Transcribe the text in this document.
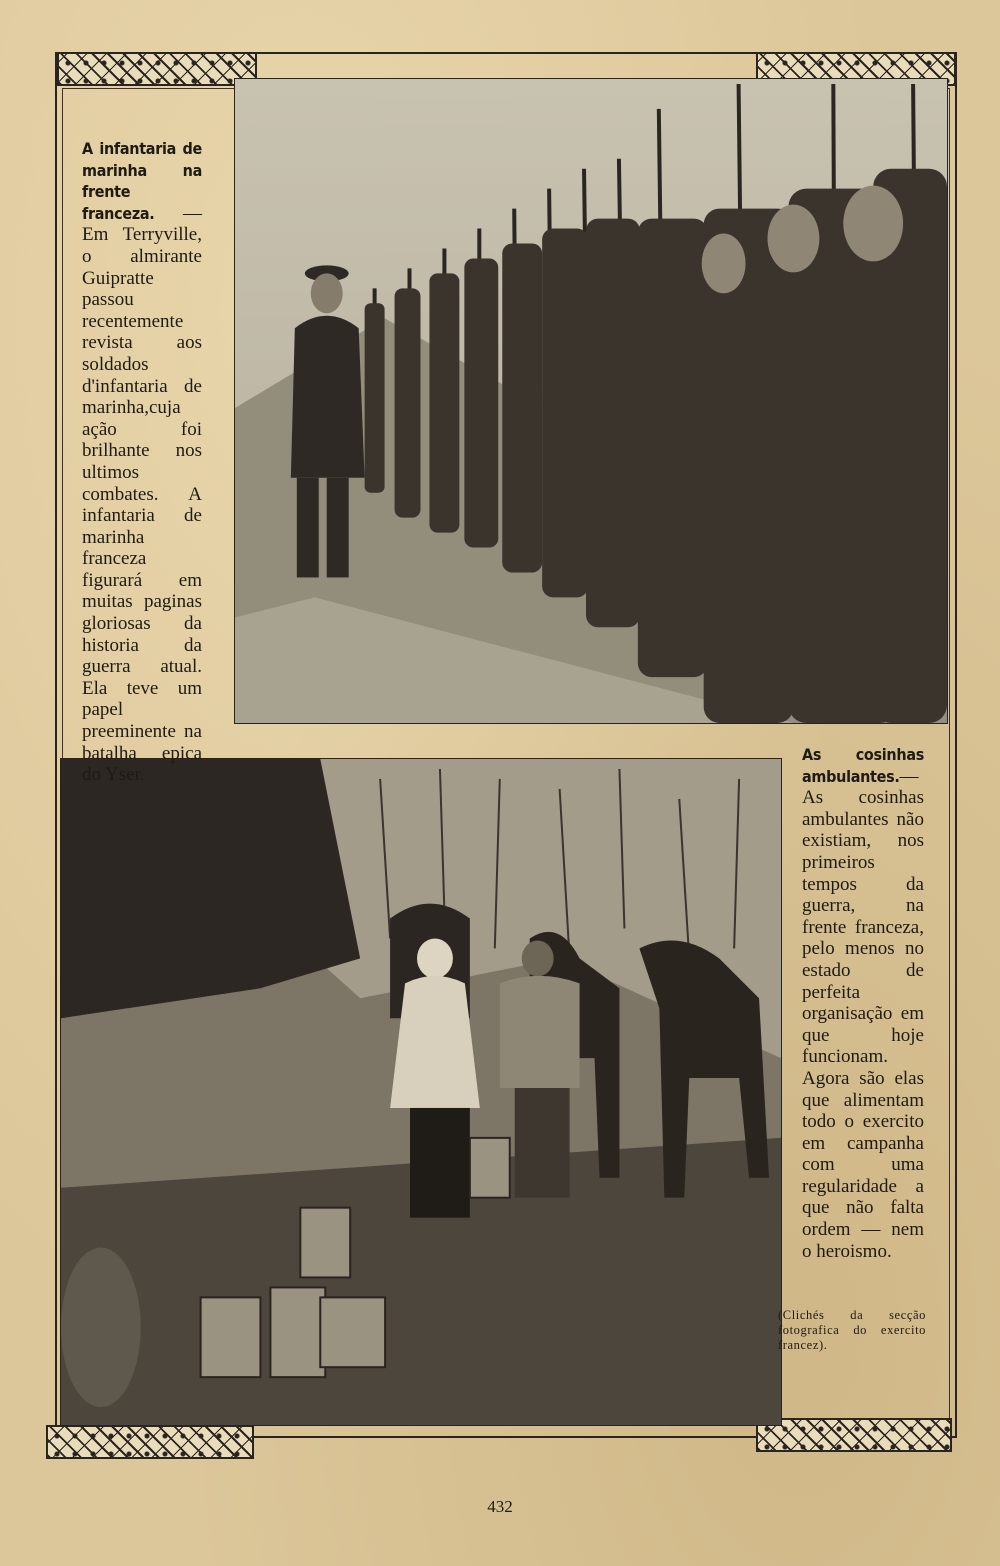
A infantaria de marinha na frente franceza. — Em Terryville, o almirante Guipratte passou recentemente revista aos soldados d'infantaria de marinha,cuja ação foi brilhante nos ultimos combates. A infantaria de marinha franceza figurará em muitas paginas gloriosas da historia da guerra atual. Ela teve um papel preeminente na batalha epica do Yser.
As cosinhas ambulantes.—As cosinhas ambulantes não existiam, nos primeiros tempos da guerra, na frente franceza, pelo menos no estado de perfeita organisação em que hoje funcionam. Agora são elas que alimentam todo o exercito em campanha com uma regularidade a que não falta ordem — nem o heroismo.
(Clichés da secção fotografica do exercito francez).
432
